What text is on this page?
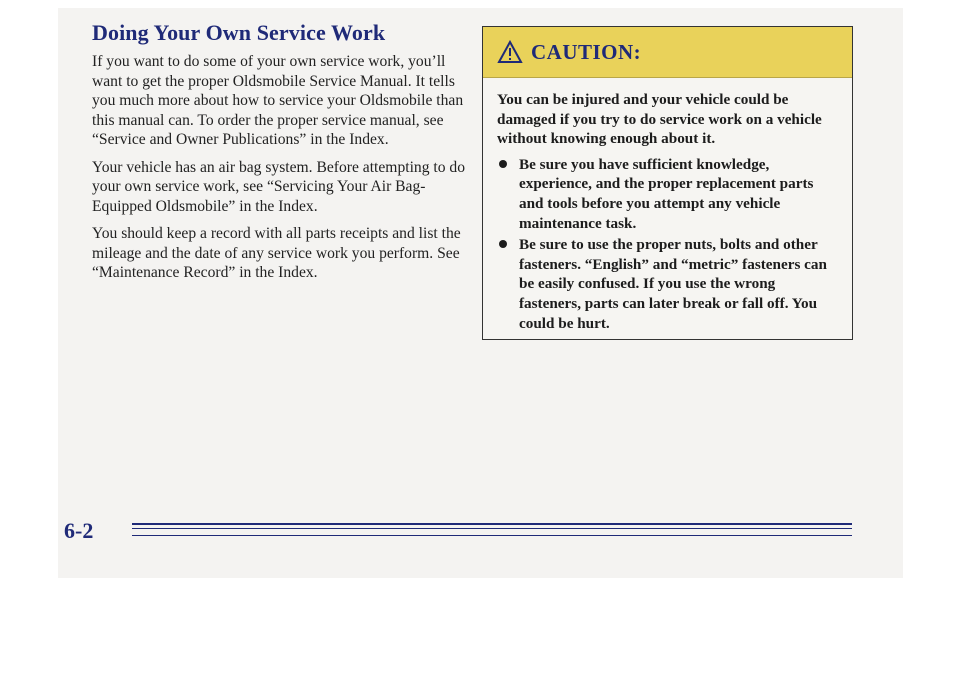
Doing Your Own Service Work

If you want to do some of your own service work, you’ll want to get the proper Oldsmobile Service Manual. It tells you much more about how to service your Oldsmobile than this manual can. To order the proper service manual, see “Service and Owner Publications” in the Index.

Your vehicle has an air bag system. Before attempting to do your own service work, see “Servicing Your Air Bag-Equipped Oldsmobile” in the Index.

You should keep a record with all parts receipts and list the mileage and the date of any service work you perform. See “Maintenance Record” in the Index.

CAUTION:

You can be injured and your vehicle could be damaged if you try to do service work on a vehicle without knowing enough about it.

Be sure you have sufficient knowledge, experience, and the proper replacement parts and tools before you attempt any vehicle maintenance task.
Be sure to use the proper nuts, bolts and other fasteners. “English” and “metric” fasteners can be easily confused. If you use the wrong fasteners, parts can later break or fall off. You could be hurt.
6-2
